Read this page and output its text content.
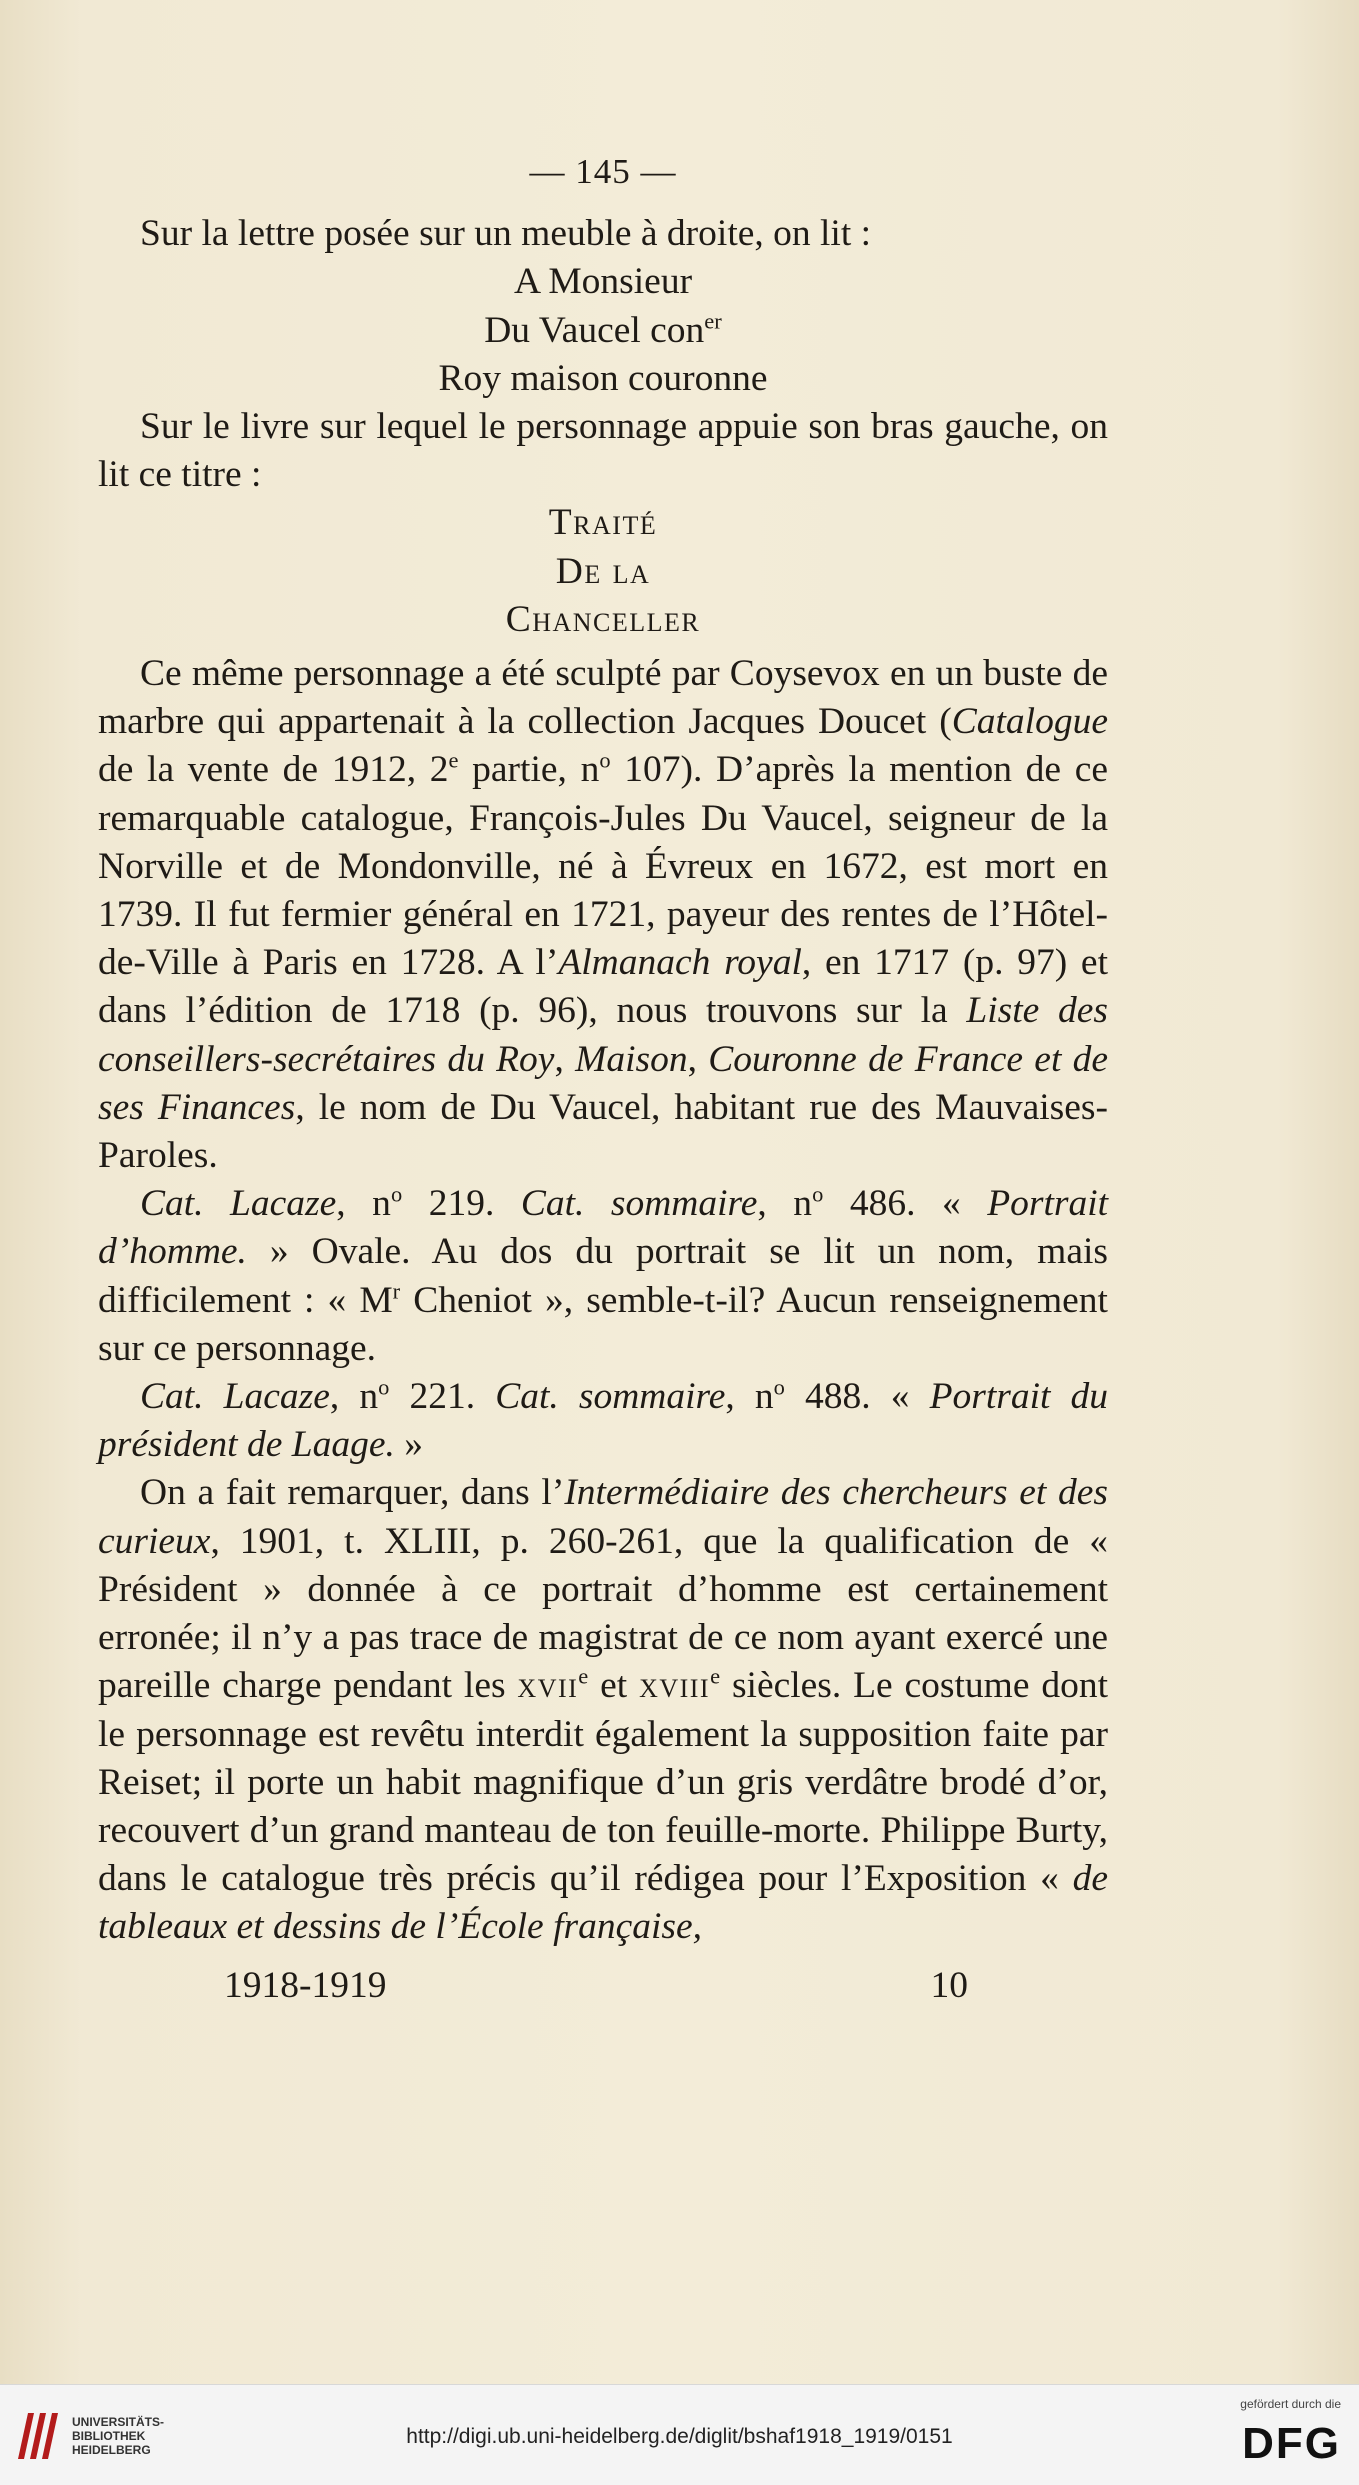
— 145 —

Sur la lettre posée sur un meuble à droite, on lit :

A Monsieur

Du Vaucel con$^{er}$

Roy maison couronne

Sur le livre sur lequel le personnage appuie son bras gauche, on lit ce titre :

Traité

De la

Chanceller

Ce même personnage a été sculpté par Coysevox en un buste de marbre qui appartenait à la collection Jacques Doucet (Catalogue de la vente de 1912, 2e partie, $n^o$ 107). D’après la mention de ce remarquable catalogue, François-Jules Du Vaucel, seigneur de la Norville et de Mondonville, né à Évreux en 1672, est mort en 1739. Il fut fermier général en 1721, payeur des rentes de l’Hôtel-de-Ville à Paris en 1728. A l’Almanach royal, en 1717 (p. 97) et dans l’édition de 1718 (p. 96), nous trouvons sur la Liste des conseillers-secrétaires du Roy, Maison, Couronne de France et de ses Finances, le nom de Du Vaucel, habitant rue des Mauvaises-Paroles.

Cat. Lacaze, $n^o$ 219. Cat. sommaire, $n^o$ 486. « Portrait d’homme. » Ovale. Au dos du portrait se lit un nom, mais difficilement : « $M^r$ Cheniot », semble-t-il? Aucun renseignement sur ce personnage.

Cat. Lacaze, $n^o$ 221. Cat. sommaire, $n^o$ 488. « Portrait du président de Laage. »

On a fait remarquer, dans l’Intermédiaire des chercheurs et des curieux, 1901, t. XLIII, p. 260-261, que la qualification de « Président » donnée à ce portrait d’homme est certainement erronée; il n’y a pas trace de magistrat de ce nom ayant exercé une pareille charge pendant les xvii$^e$ et xviii$^e$ siècles. Le costume dont le personnage est revêtu interdit également la supposition faite par Reiset; il porte un habit magnifique d’un gris verdâtre brodé d’or, recouvert d’un grand manteau de ton feuille-morte. Philippe Burty, dans le catalogue très précis qu’il rédigea pour l’Exposition « de tableaux et dessins de l’École française,

1918-1919	10
UNIVERSITÄTS-
BIBLIOTHEK
HEIDELBERG
http://digi.ub.uni-heidelberg.de/diglit/bshaf1918_1919/0151
gefördert durch die
DFG
